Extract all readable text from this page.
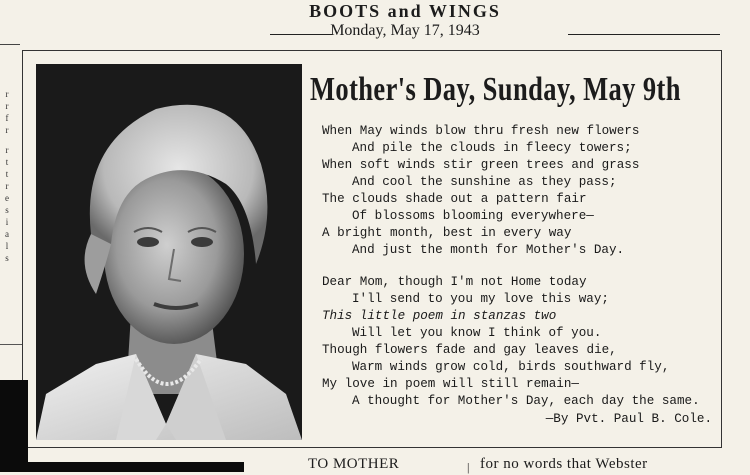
BOOTS and WINGS
Monday, May 17, 1943
r
r
f
r
r
t
t
r
e
s
i
a
l
s
Mother's Day, Sunday, May 9th
When May winds blow thru fresh new flowers
And pile the clouds in fleecy towers;
When soft winds stir green trees and grass
And cool the sunshine as they pass;
The clouds shade out a pattern fair
Of blossoms blooming everywhere—
A bright month, best in every way
And just the month for Mother's Day.
Dear Mom, though I'm not Home today
I'll send to you my love this way;
This little poem in stanzas two
Will let you know I think of you.
Though flowers fade and gay leaves die,
Warm winds grow cold, birds southward fly,
My love in poem will still remain—
A thought for Mother's Day, each day the same.
—By Pvt. Paul B. Cole.
TO MOTHER	| for no words that Webster
